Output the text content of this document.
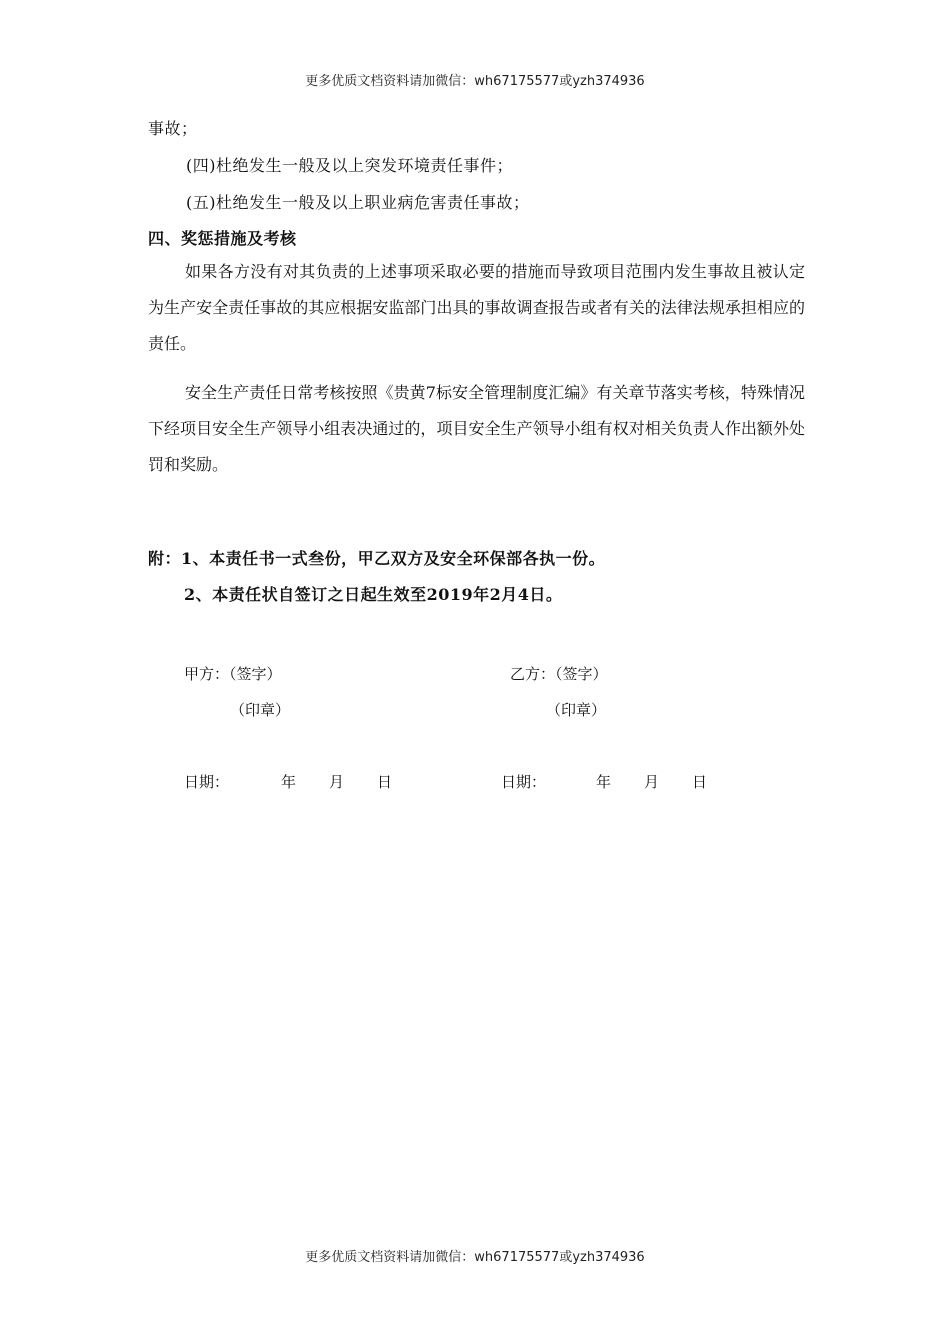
更多优质文档资料请加微信：wh67175577或yzh374936
事故；
(四)杜绝发生一般及以上突发环境责任事件；
(五)杜绝发生一般及以上职业病危害责任事故；
四、奖惩措施及考核
如果各方没有对其负责的上述事项采取必要的措施而导致项目范围内发生事故且被认定为生产安全责任事故的其应根据安监部门出具的事故调查报告或者有关的法律法规承担相应的责任。
安全生产责任日常考核按照《贵黄7标安全管理制度汇编》有关章节落实考核，特殊情况下经项目安全生产领导小组表决通过的，项目安全生产领导小组有权对相关负责人作出额外处罚和奖励。
附：1、本责任书一式叁份，甲乙双方及安全环保部各执一份。
2、本责任状自签订之日起生效至2019年2月4日。
甲方：（签字）
（印章）
乙方：（签字）
（印章）
日期：	年 月 日	日期：	年 月 日
更多优质文档资料请加微信：wh67175577或yzh374936
